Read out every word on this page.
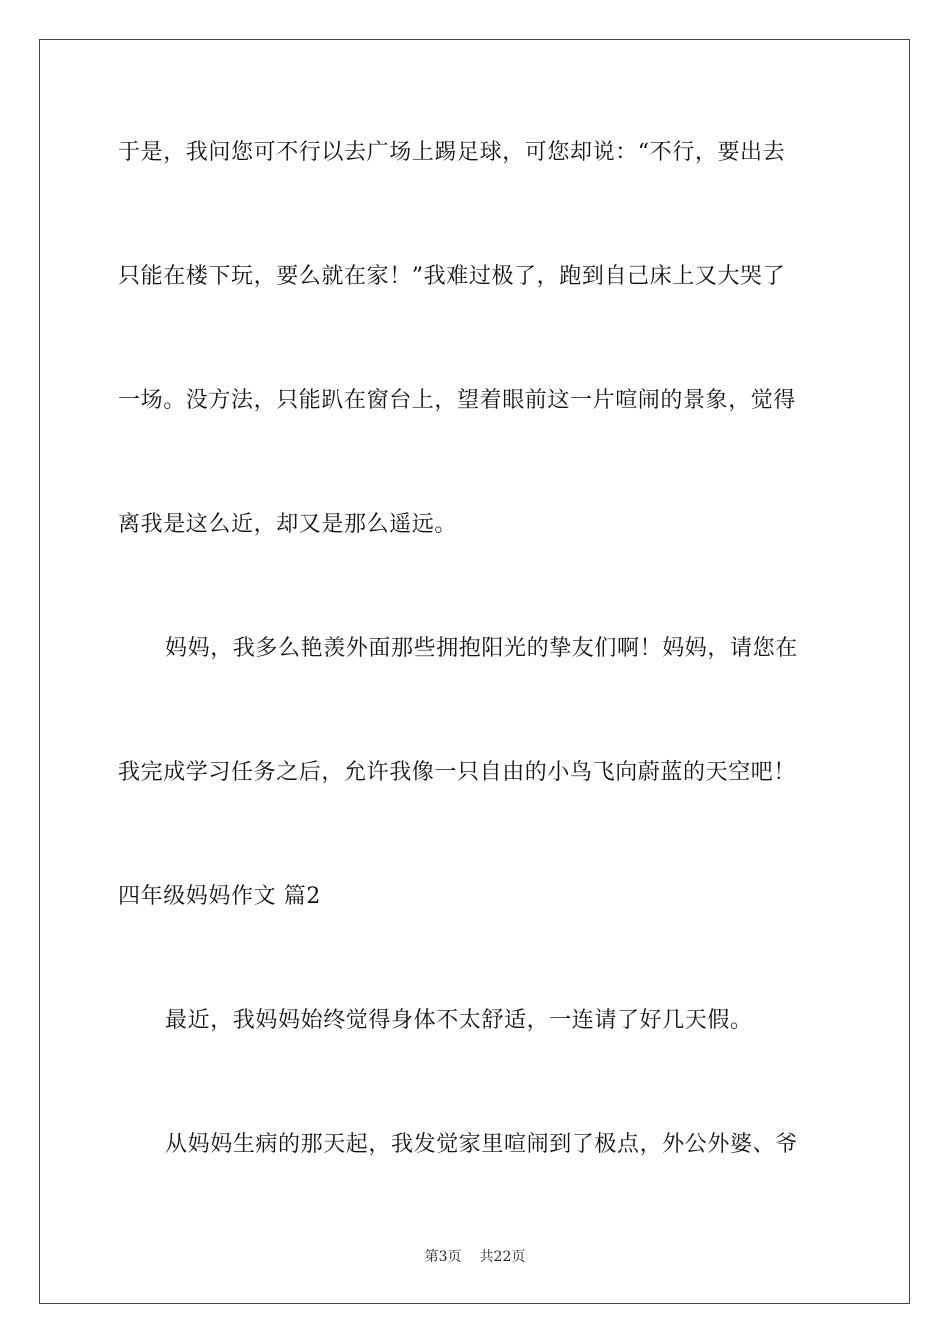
于是，我问您可不行以去广场上踢足球，可您却说：“不行，要出去
只能在楼下玩，要么就在家！”我难过极了，跑到自己床上又大哭了
一场。没方法，只能趴在窗台上，望着眼前这一片喧闹的景象，觉得
离我是这么近，却又是那么遥远。
妈妈，我多么艳羡外面那些拥抱阳光的挚友们啊！妈妈，请您在
我完成学习任务之后，允许我像一只自由的小鸟飞向蔚蓝的天空吧！
四年级妈妈作文 篇2
最近，我妈妈始终觉得身体不太舒适，一连请了好几天假。
从妈妈生病的那天起，我发觉家里喧闹到了极点，外公外婆、爷
第3页 共22页
